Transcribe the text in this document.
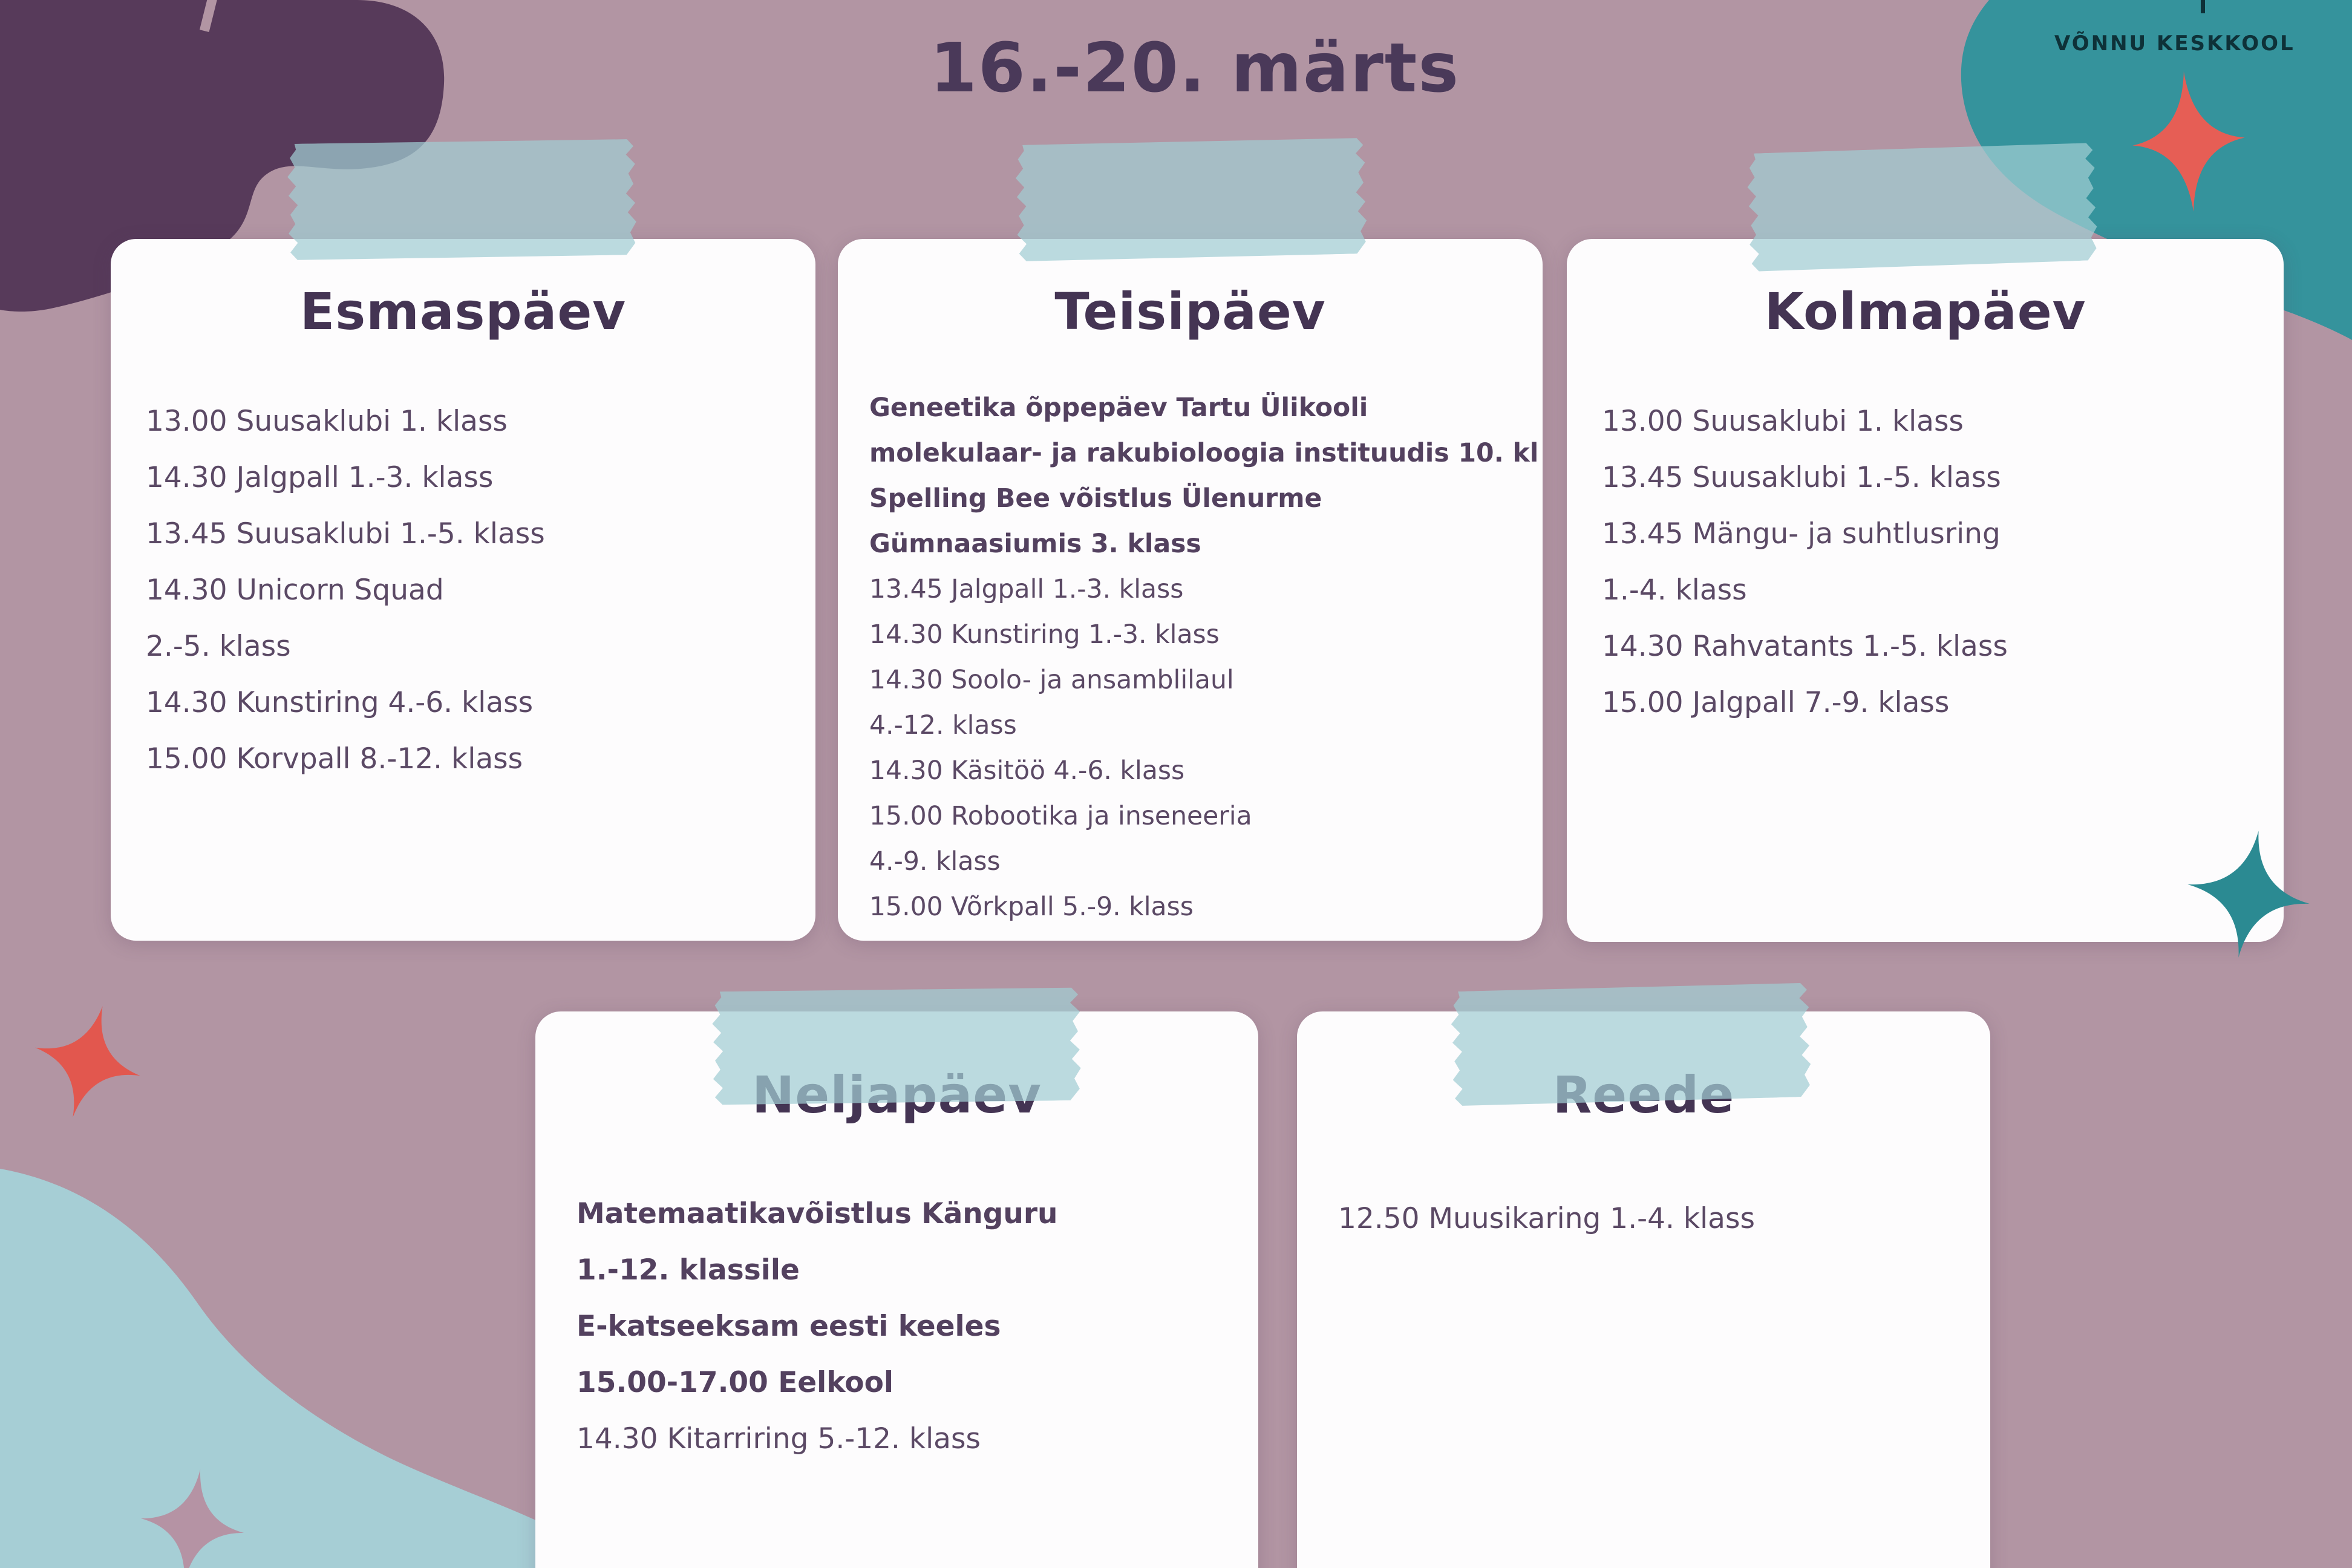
Esmaspäev
13.00 Suusaklubi 1. klass
14.30 Jalgpall 1.-3. klass
13.45 Suusaklubi 1.-5. klass
14.30 Unicorn Squad
2.-5. klass
14.30 Kunstiring 4.-6. klass
15.00 Korvpall 8.-12. klass
Teisipäev
Geneetika õppepäev Tartu Ülikooli
molekulaar- ja rakubioloogia instituudis 10. kl
Spelling Bee võistlus Ülenurme
Gümnaasiumis 3. klass
13.45 Jalgpall 1.-3. klass
14.30 Kunstiring 1.-3. klass
14.30 Soolo- ja ansamblilaul
4.-12. klass
14.30 Käsitöö 4.-6. klass
15.00 Robootika ja inseneeria
4.-9. klass
15.00 Võrkpall 5.-9. klass
Kolmapäev
13.00 Suusaklubi 1. klass
13.45 Suusaklubi 1.-5. klass
13.45 Mängu- ja suhtlusring
1.-4. klass
14.30 Rahvatants 1.-5. klass
15.00 Jalgpall 7.-9. klass
Matemaatikavõistlus Känguru
1.-12. klassile
E-katseeksam eesti keeles
15.00-17.00 Eelkool
14.30 Kitarriring 5.-12. klass
12.50 Muusikaring 1.-4. klass
16.-20. märts	VÕNNU KESKKOOL
